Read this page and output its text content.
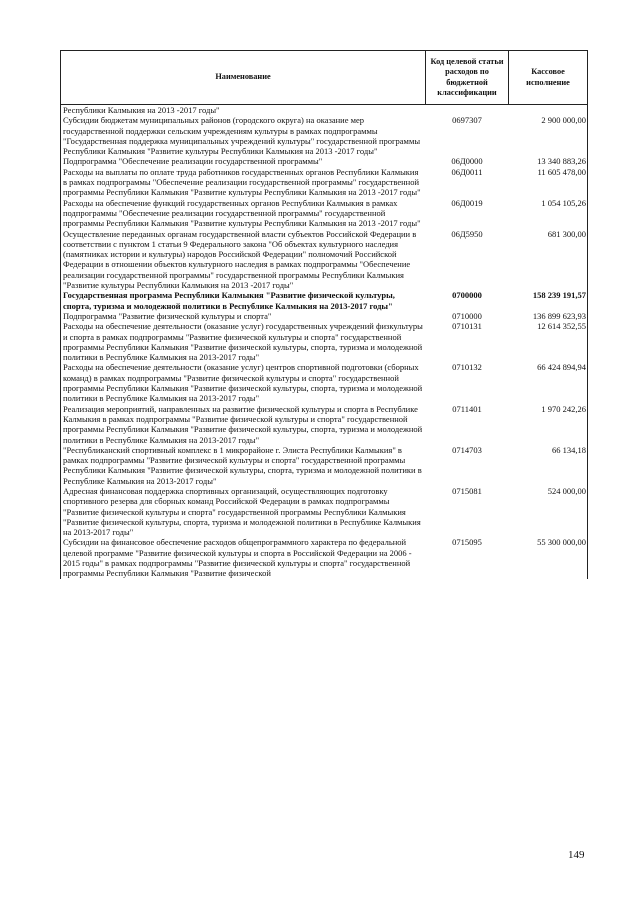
Наименование	Код целевой статьи расходов по бюджетной классификации	Кассовое исполнение
Республики Калмыкия на 2013 -2017 годы"		
Субсидии бюджетам муниципальных районов (городского округа) на оказание мер государственной поддержки сельским учреждениям культуры в рамках подпрограммы "Государственная поддержка муниципальных учреждений культуры" государственной программы Республики Калмыкия "Развитие культуры Республики Калмыкия на 2013 -2017 годы"	0697307	2 900 000,00
Подпрограмма "Обеспечение реализации государственной программы"	06Д0000	13 340 883,26
Расходы на выплаты по оплате труда работников государственных органов Республики Калмыкия в рамках подпрограммы "Обеспечение реализации государственной программы" государственной программы Республики Калмыкия "Развитие культуры Республики Калмыкия на 2013 -2017 годы"	06Д0011	11 605 478,00
Расходы на обеспечение функций государственных органов Республики Калмыкия в рамках подпрограммы "Обеспечение реализации государственной программы" государственной программы Республики Калмыкия "Развитие культуры Республики Калмыкия на 2013 -2017 годы"	06Д0019	1 054 105,26
Осуществление переданных органам государственной власти субъектов Российской Федерации в соответствии с пунктом 1 статьи 9 Федерального закона "Об объектах культурного наследия (памятниках истории и культуры) народов Российской Федерации" полномочий Российской Федерации в отношении объектов культурного наследия в рамках подпрограммы "Обеспечение реализации государственной программы" государственной программы Республики Калмыкия "Развитие культуры Республики Калмыкия на 2013 -2017 годы"	06Д5950	681 300,00
Государственная программа Республики Калмыкия "Развитие физической культуры, спорта, туризма и молодежной политики в Республике Калмыкия на 2013-2017 годы"	0700000	158 239 191,57
Подпрограмма "Развитие физической культуры и спорта"	0710000	136 899 623,93
Расходы на обеспечение деятельности (оказание услуг) государственных учреждений физкультуры и спорта в рамках подпрограммы "Развитие физической культуры и спорта" государственной программы Республики Калмыкия "Развитие физической культуры, спорта, туризма и молодежной политики в Республике Калмыкия на 2013-2017 годы"	0710131	12 614 352,55
Расходы на обеспечение деятельности (оказание услуг) центров спортивной подготовки (сборных команд) в рамках подпрограммы "Развитие физической культуры и спорта" государственной программы Республики Калмыкия "Развитие физической культуры, спорта, туризма и молодежной политики в Республике Калмыкия на 2013-2017 годы"	0710132	66 424 894,94
Реализация мероприятий, направленных на развитие физической культуры и спорта в Республике Калмыкия в рамках подпрограммы "Развитие физической культуры и спорта" государственной программы Республики Калмыкия "Развитие физической культуры, спорта, туризма и молодежной политики в Республике Калмыкия на 2013-2017 годы"	0711401	1 970 242,26
"Республиканский спортивный комплекс в 1 микрорайоне г. Элиста Республики Калмыкия" в рамках подпрограммы "Развитие физической культуры и спорта" государственной программы Республики Калмыкия "Развитие физической культуры, спорта, туризма и молодежной политики в Республике Калмыкия на 2013-2017 годы"	0714703	66 134,18
Адресная финансовая поддержка спортивных организаций, осуществляющих подготовку спортивного резерва для сборных команд Российской Федерации в рамках подпрограммы "Развитие физической культуры и спорта" государственной программы Республики Калмыкия "Развитие физической культуры, спорта, туризма и молодежной политики в Республике Калмыкия на 2013-2017 годы"	0715081	524 000,00
Субсидии на финансовое обеспечение расходов общепрограммного характера по федеральной целевой программе "Развитие физической культуры и спорта в Российской Федерации на 2006 - 2015 годы" в рамках подпрограммы "Развитие физической культуры и спорта" государственной программы Республики Калмыкия "Развитие физической	0715095	55 300 000,00
149
